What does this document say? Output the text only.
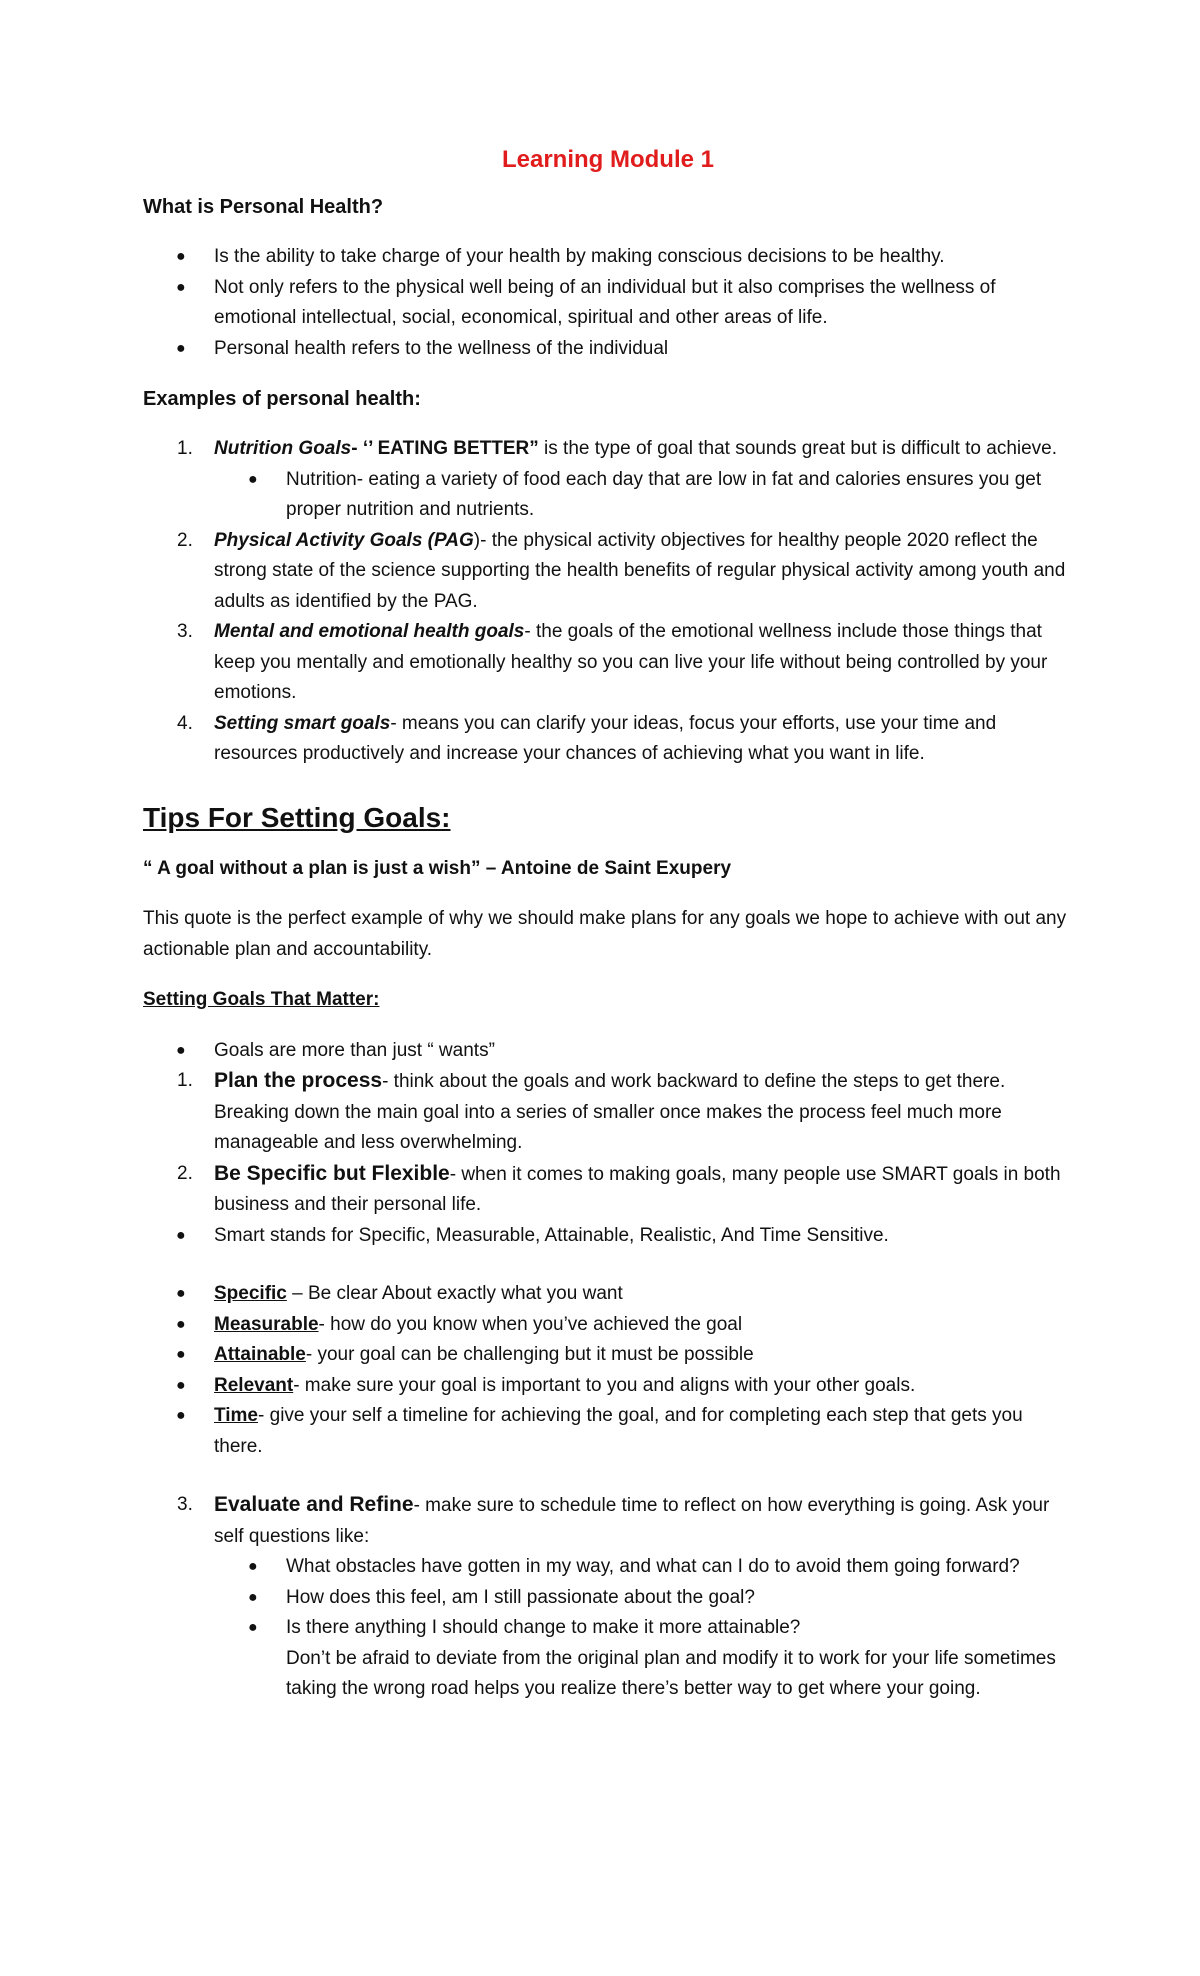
Learning Module 1
What is Personal Health?
● Is the ability to take charge of your health by making conscious decisions to be healthy.
● Not only refers to the physical well being of an individual but it also comprises the wellness of emotional intellectual, social, economical, spiritual and other areas of life.
● Personal health refers to the wellness of the individual
Examples of personal health:
1. Nutrition Goals- ‘’ EATING BETTER” is the type of goal that sounds great but is difficult to achieve.
● Nutrition- eating a variety of food each day that are low in fat and calories ensures you get proper nutrition and nutrients.
2. Physical Activity Goals (PAG)- the physical activity objectives for healthy people 2020 reflect the strong state of the science supporting the health benefits of regular physical activity among youth and adults as identified by the PAG.
3. Mental and emotional health goals- the goals of the emotional wellness include those things that keep you mentally and emotionally healthy so you can live your life without being controlled by your emotions.
4. Setting smart goals- means you can clarify your ideas, focus your efforts, use your time and resources productively and increase your chances of achieving what you want in life.
Tips For Setting Goals:
“ A goal without a plan is just a wish” – Antoine de Saint Exupery

This quote is the perfect example of why we should make plans for any goals we hope to achieve with out any actionable plan and accountability.

Setting Goals That Matter:
● Goals are more than just “ wants”
1. Plan the process- think about the goals and work backward to define the steps to get there. Breaking down the main goal into a series of smaller once makes the process feel much more manageable and less overwhelming.
2. Be Specific but Flexible- when it comes to making goals, many people use SMART goals in both business and their personal life.
● Smart stands for Specific, Measurable, Attainable, Realistic, And Time Sensitive.
● Specific – Be clear About exactly what you want
● Measurable- how do you know when you’ve achieved the goal
● Attainable- your goal can be challenging but it must be possible
● Relevant- make sure your goal is important to you and aligns with your other goals.
● Time- give your self a timeline for achieving the goal, and for completing each step that gets you there.
3. Evaluate and Refine- make sure to schedule time to reflect on how everything is going. Ask your self questions like:
● What obstacles have gotten in my way, and what can I do to avoid them going forward?
● How does this feel, am I still passionate about the goal?
● Is there anything I should change to make it more attainable?
Don’t be afraid to deviate from the original plan and modify it to work for your life sometimes taking the wrong road helps you realize there’s better way to get where your going.
